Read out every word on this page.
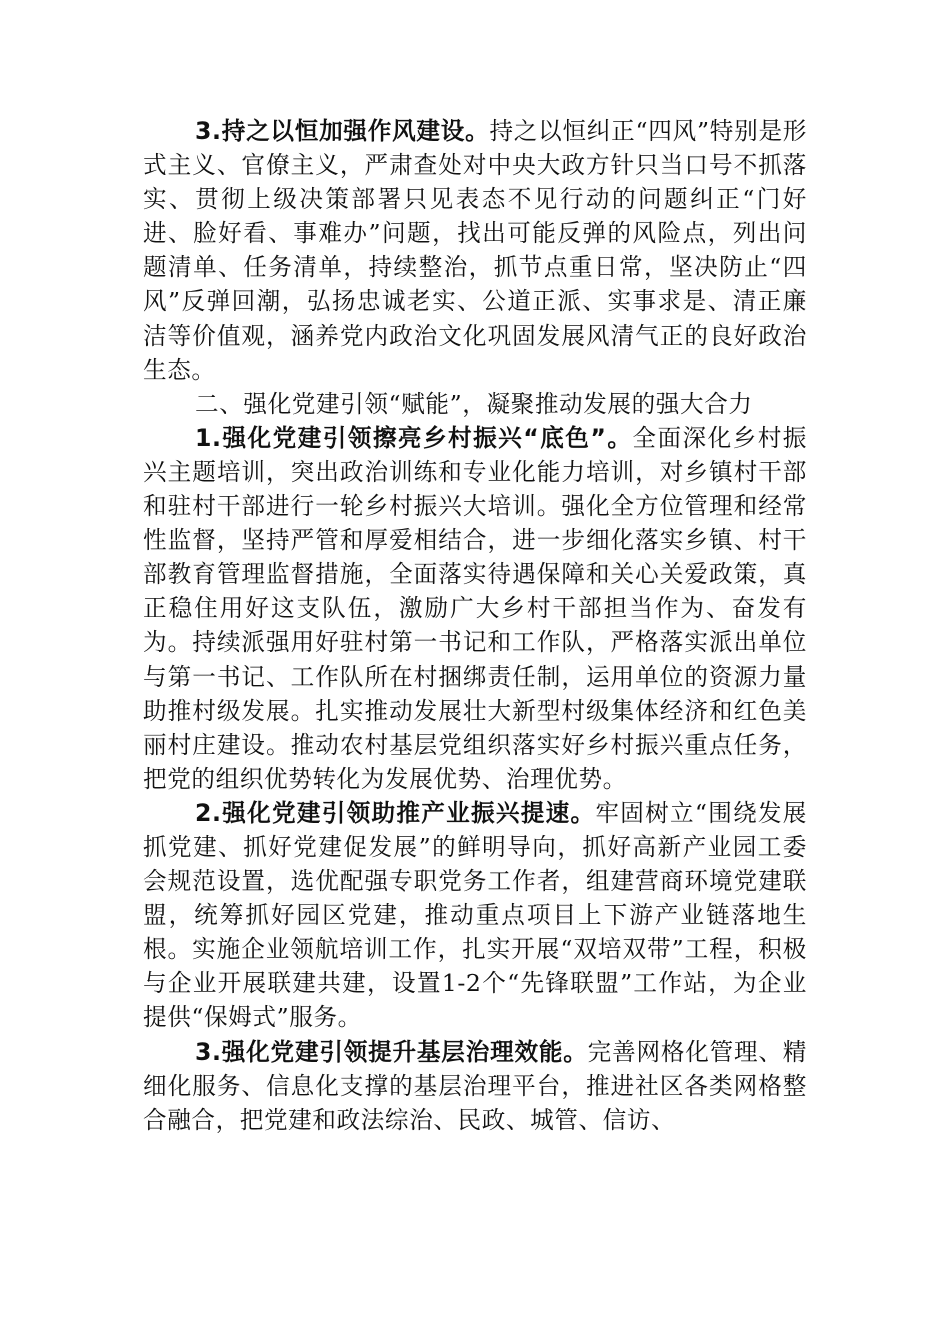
3.持之以恒加强作风建设。持之以恒纠正“四风”特别是形式主义、官僚主义，严肃查处对中央大政方针只当口号不抓落实、贯彻上级决策部署只见表态不见行动的问题纠正“门好进、脸好看、事难办”问题，找出可能反弹的风险点，列出问题清单、任务清单，持续整治，抓节点重日常，坚决防止“四风”反弹回潮，弘扬忠诚老实、公道正派、实事求是、清正廉洁等价值观，涵养党内政治文化巩固发展风清气正的良好政治生态。

二、强化党建引领“赋能”，凝聚推动发展的强大合力

1.强化党建引领擦亮乡村振兴“底色”。全面深化乡村振兴主题培训，突出政治训练和专业化能力培训，对乡镇村干部和驻村干部进行一轮乡村振兴大培训。强化全方位管理和经常性监督，坚持严管和厚爱相结合，进一步细化落实乡镇、村干部教育管理监督措施，全面落实待遇保障和关心关爱政策，真正稳住用好这支队伍，激励广大乡村干部担当作为、奋发有为。持续派强用好驻村第一书记和工作队，严格落实派出单位与第一书记、工作队所在村捆绑责任制，运用单位的资源力量助推村级发展。扎实推动发展壮大新型村级集体经济和红色美丽村庄建设。推动农村基层党组织落实好乡村振兴重点任务，把党的组织优势转化为发展优势、治理优势。

2.强化党建引领助推产业振兴提速。牢固树立“围绕发展抓党建、抓好党建促发展”的鲜明导向，抓好高新产业园工委会规范设置，选优配强专职党务工作者，组建营商环境党建联盟，统筹抓好园区党建，推动重点项目上下游产业链落地生根。实施企业领航培训工作，扎实开展“双培双带”工程，积极与企业开展联建共建，设置1-2个“先锋联盟”工作站，为企业提供“保姆式”服务。

3.强化党建引领提升基层治理效能。完善网格化管理、精细化服务、信息化支撑的基层治理平台，推进社区各类网格整合融合，把党建和政法综治、民政、城管、信访、
